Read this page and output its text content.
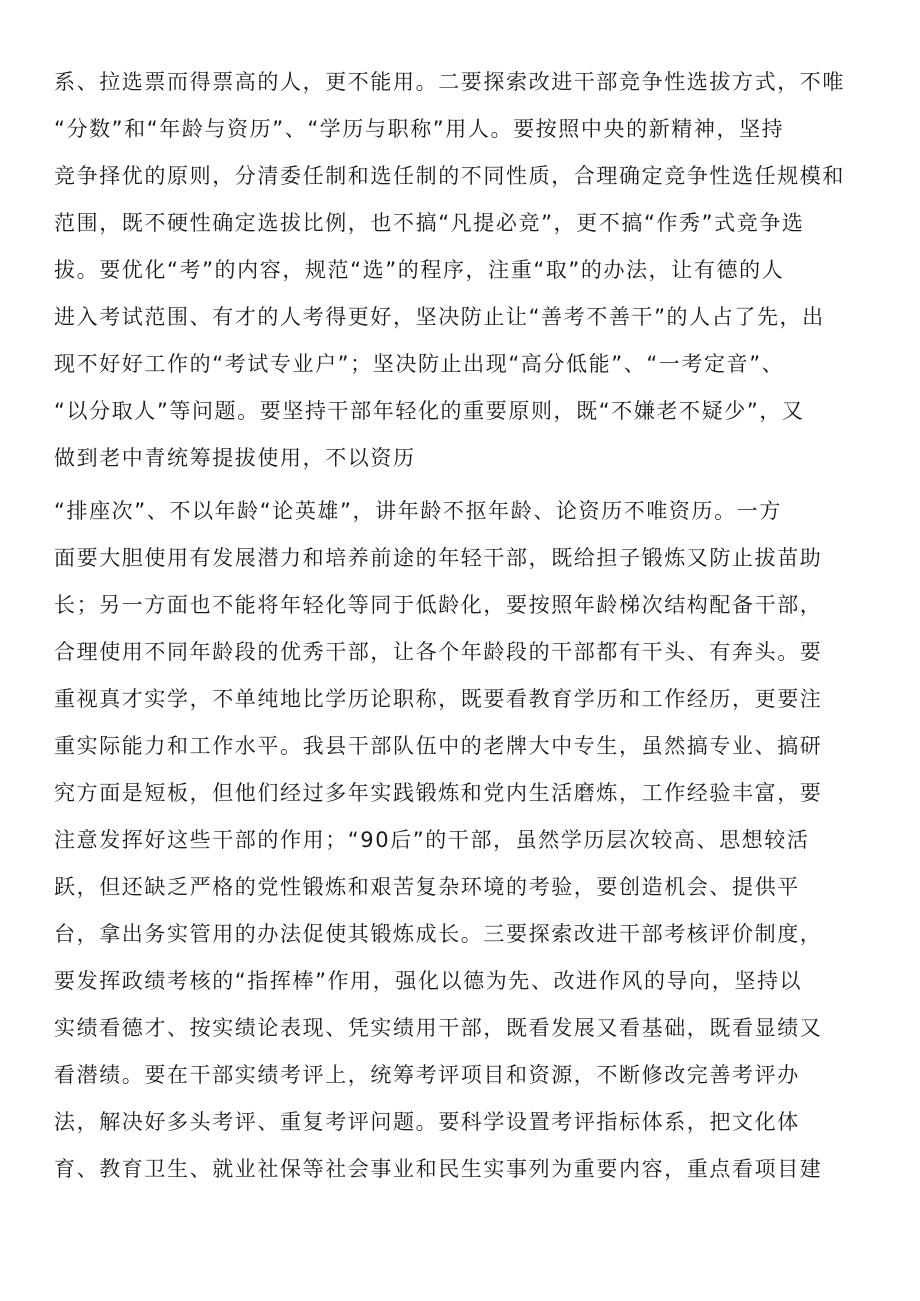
系、拉选票而得票高的人，更不能用。二要探索改进干部竞争性选拔方式，不唯
“分数”和“年龄与资历”、“学历与职称”用人。要按照中央的新精神，坚持
竞争择优的原则，分清委任制和选任制的不同性质，合理确定竞争性选任规模和
范围，既不硬性确定选拔比例，也不搞“凡提必竞”，更不搞“作秀”式竞争选
拔。要优化“考”的内容，规范“选”的程序，注重“取”的办法，让有德的人
进入考试范围、有才的人考得更好，坚决防止让“善考不善干”的人占了先，出
现不好好工作的“考试专业户”；坚决防止出现“高分低能”、“一考定音”、
“以分取人”等问题。要坚持干部年轻化的重要原则，既“不嫌老不疑少”，又
做到老中青统筹提拔使用，不以资历
“排座次”、不以年龄“论英雄”，讲年龄不抠年龄、论资历不唯资历。一方
面要大胆使用有发展潜力和培养前途的年轻干部，既给担子锻炼又防止拔苗助
长；另一方面也不能将年轻化等同于低龄化，要按照年龄梯次结构配备干部，
合理使用不同年龄段的优秀干部，让各个年龄段的干部都有干头、有奔头。要
重视真才实学，不单纯地比学历论职称，既要看教育学历和工作经历，更要注
重实际能力和工作水平。我县干部队伍中的老牌大中专生，虽然搞专业、搞研
究方面是短板，但他们经过多年实践锻炼和党内生活磨炼，工作经验丰富，要
注意发挥好这些干部的作用；“90后”的干部，虽然学历层次较高、思想较活
跃，但还缺乏严格的党性锻炼和艰苦复杂环境的考验，要创造机会、提供平
台，拿出务实管用的办法促使其锻炼成长。三要探索改进干部考核评价制度，
要发挥政绩考核的“指挥棒”作用，强化以德为先、改进作风的导向，坚持以
实绩看德才、按实绩论表现、凭实绩用干部，既看发展又看基础，既看显绩又
看潜绩。要在干部实绩考评上，统筹考评项目和资源，不断修改完善考评办
法，解决好多头考评、重复考评问题。要科学设置考评指标体系，把文化体
育、教育卫生、就业社保等社会事业和民生实事列为重要内容，重点看项目建
